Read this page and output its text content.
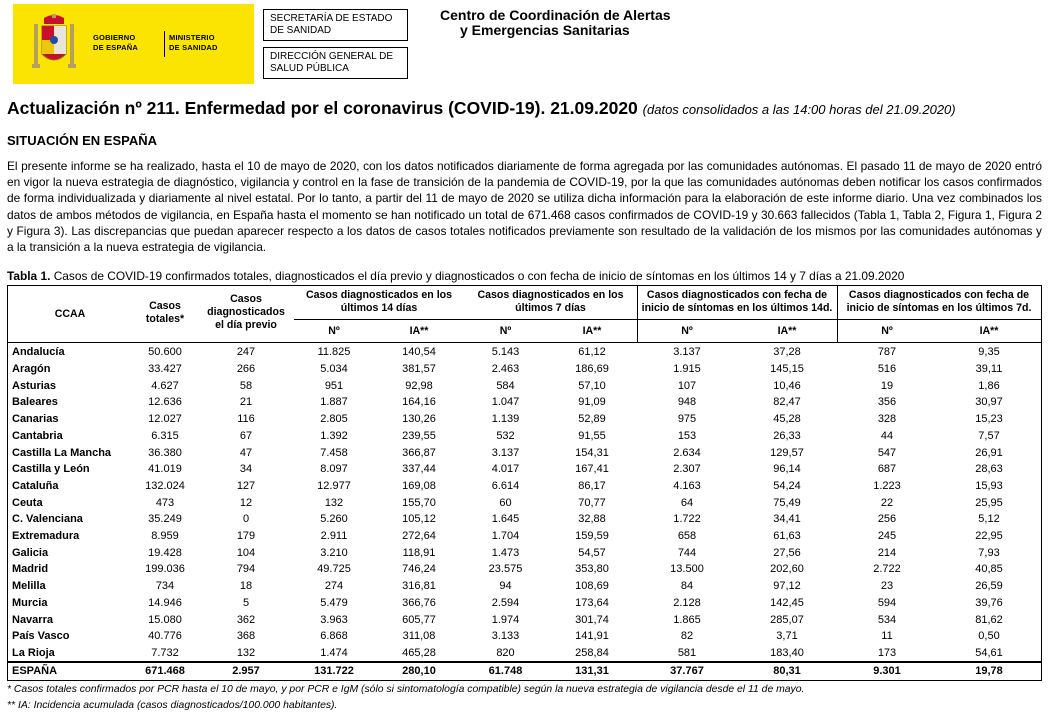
GOBIERNO
DE ESPAÑA
MINISTERIO
DE SANIDAD
SECRETARÍA DE ESTADO DE SANIDAD
DIRECCIÓN GENERAL DE SALUD PÚBLICA
Centro de Coordinación de Alertas
y Emergencias Sanitarias
Actualización nº 211. Enfermedad por el coronavirus (COVID-19). 21.09.2020 (datos consolidados a las 14:00 horas del 21.09.2020)
SITUACIÓN EN ESPAÑA
El presente informe se ha realizado, hasta el 10 de mayo de 2020, con los datos notificados diariamente de forma agregada por las comunidades autónomas. El pasado 11 de mayo de 2020 entró en vigor la nueva estrategia de diagnóstico, vigilancia y control en la fase de transición de la pandemia de COVID-19, por la que las comunidades autónomas deben notificar los casos confirmados de forma individualizada y diariamente al nivel estatal. Por lo tanto, a partir del 11 de mayo de 2020 se utiliza dicha información para la elaboración de este informe diario. Una vez combinados los datos de ambos métodos de vigilancia, en España hasta el momento se han notificado un total de 671.468 casos confirmados de COVID-19 y 30.663 fallecidos (Tabla 1, Tabla 2, Figura 1, Figura 2 y Figura 3). Las discrepancias que puedan aparecer respecto a los datos de casos totales notificados previamente son resultado de la validación de los mismos por las comunidades autónomas y a la transición a la nueva estrategia de vigilancia.
Tabla 1. Casos de COVID-19 confirmados totales, diagnosticados el día previo y diagnosticados o con fecha de inicio de síntomas en los últimos 14 y 7 días a 21.09.2020
CCAA
Casos
totales*
Casos
diagnosticados
el día previo
Casos diagnosticados en los
últimos 14 días
Casos diagnosticados en los
últimos 7 días
Casos diagnosticados con fecha de
inicio de síntomas en los últimos 14d.
Casos diagnosticados con fecha de
inicio de síntomas en los últimos 7d.
Nº	IA**	Nº	IA**	Nº	IA**	Nº	IA**
Andalucía	50.600	247	11.825	140,54	5.143	61,12	3.137	37,28	787	9,35
Aragón	33.427	266	5.034	381,57	2.463	186,69	1.915	145,15	516	39,11
Asturias	4.627	58	951	92,98	584	57,10	107	10,46	19	1,86
Baleares	12.636	21	1.887	164,16	1.047	91,09	948	82,47	356	30,97
Canarias	12.027	116	2.805	130,26	1.139	52,89	975	45,28	328	15,23
Cantabria	6.315	67	1.392	239,55	532	91,55	153	26,33	44	7,57
Castilla La Mancha	36.380	47	7.458	366,87	3.137	154,31	2.634	129,57	547	26,91
Castilla y León	41.019	34	8.097	337,44	4.017	167,41	2.307	96,14	687	28,63
Cataluña	132.024	127	12.977	169,08	6.614	86,17	4.163	54,24	1.223	15,93
Ceuta	473	12	132	155,70	60	70,77	64	75,49	22	25,95
C. Valenciana	35.249	0	5.260	105,12	1.645	32,88	1.722	34,41	256	5,12
Extremadura	8.959	179	2.911	272,64	1.704	159,59	658	61,63	245	22,95
Galicia	19.428	104	3.210	118,91	1.473	54,57	744	27,56	214	7,93
Madrid	199.036	794	49.725	746,24	23.575	353,80	13.500	202,60	2.722	40,85
Melilla	734	18	274	316,81	94	108,69	84	97,12	23	26,59
Murcia	14.946	5	5.479	366,76	2.594	173,64	2.128	142,45	594	39,76
Navarra	15.080	362	3.963	605,77	1.974	301,74	1.865	285,07	534	81,62
País Vasco	40.776	368	6.868	311,08	3.133	141,91	82	3,71	11	0,50
La Rioja	7.732	132	1.474	465,28	820	258,84	581	183,40	173	54,61
ESPAÑA	671.468	2.957	131.722	280,10	61.748	131,31	37.767	80,31	9.301	19,78
* Casos totales confirmados por PCR hasta el 10 de mayo, y por PCR e IgM (sólo si sintomatología compatible) según la nueva estrategia de vigilancia desde el 11 de mayo.
** IA: Incidencia acumulada (casos diagnosticados/100.000 habitantes).
